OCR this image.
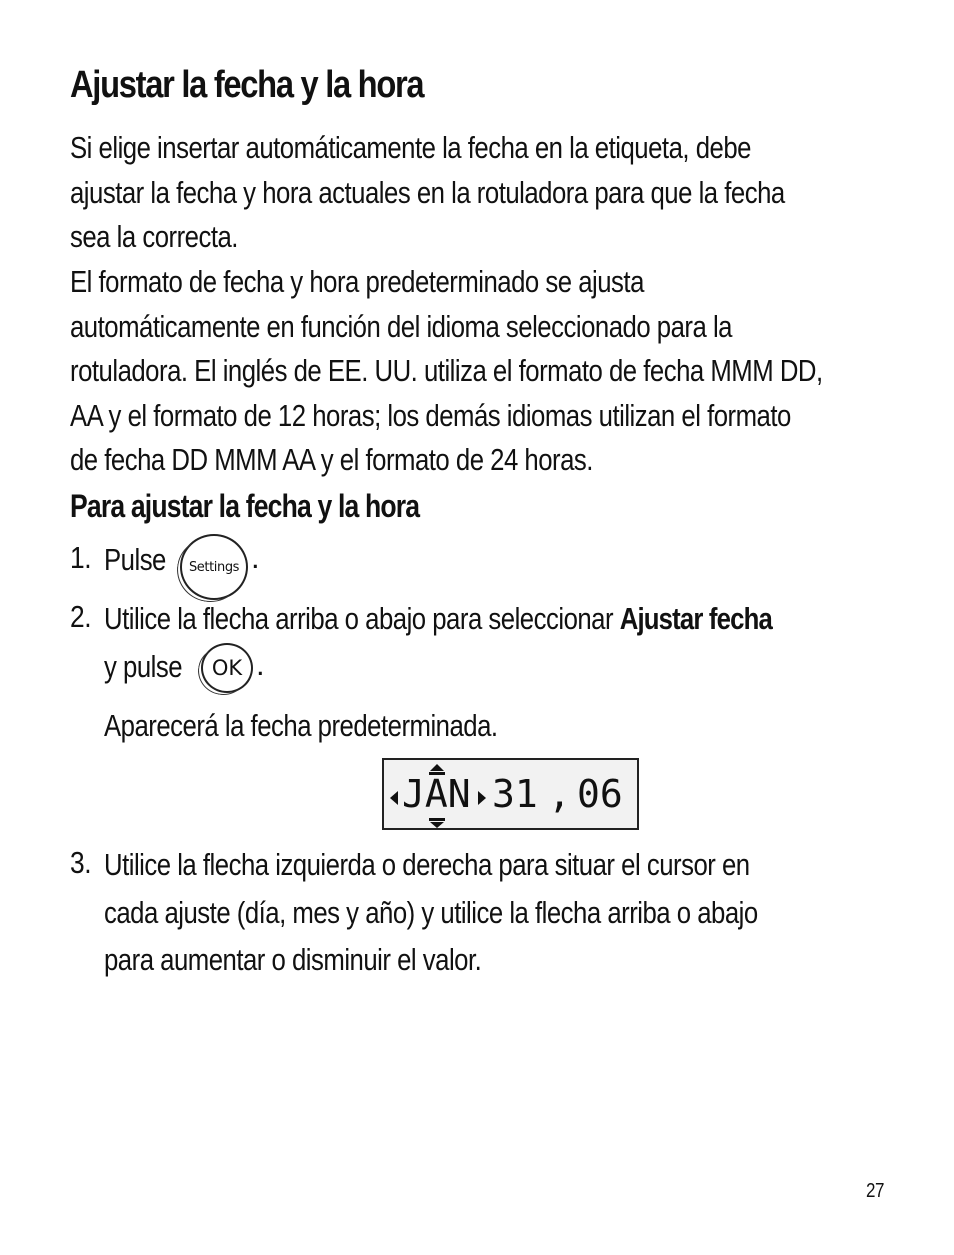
Ajustar la fecha y la hora

Si elige insertar automáticamente la fecha en la etiqueta, debe
ajustar la fecha y hora actuales en la rotuladora para que la fecha
sea la correcta.

El formato de fecha y hora predeterminado se ajusta
automáticamente en función del idioma seleccionado para la
rotuladora. El inglés de EE. UU. utiliza el formato de fecha MMM DD,
AA y el formato de 12 horas; los demás idiomas utilizan el formato
de fecha DD MMM AA y el formato de 24 horas.

Para ajustar la fecha y la hora
1. Pulse Settings .
2. Utilice la flecha arriba o abajo para seleccionar Ajustar fecha
y pulse OK .
Aparecerá la fecha predeterminada.
JAN 31 , 06
3. Utilice la flecha izquierda o derecha para situar el cursor en
cada ajuste (día, mes y año) y utilice la flecha arriba o abajo
para aumentar o disminuir el valor.
27
